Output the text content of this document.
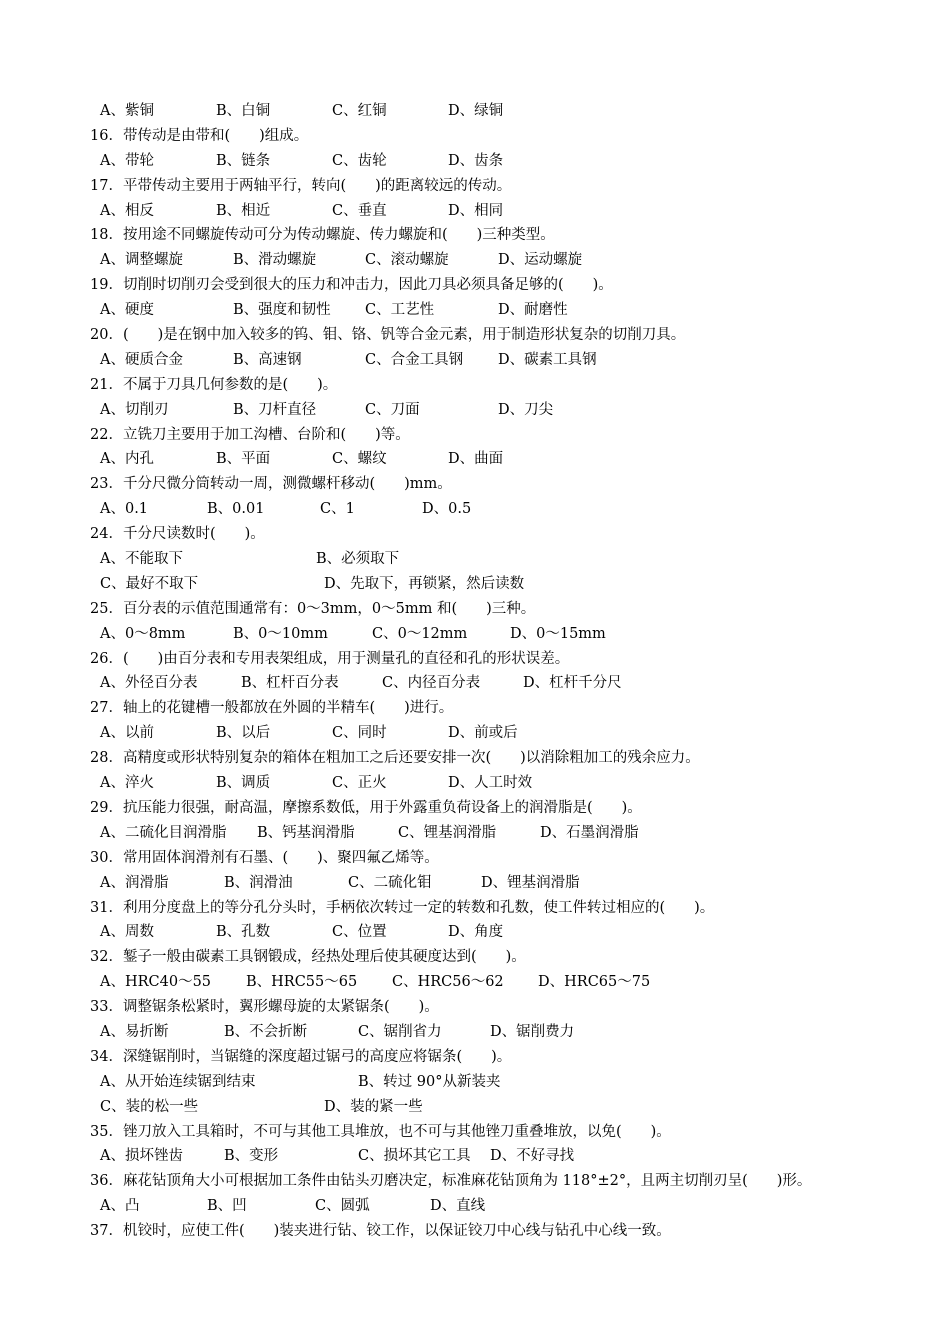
A、紫铜	B、白铜	C、红铜	D、绿铜
16．带传动是由带和(　　)组成。
A、带轮	B、链条	C、齿轮	D、齿条
17．平带传动主要用于两轴平行，转向(　　)的距离较远的传动。
A、相反	B、相近	C、垂直	D、相同
18．按用途不同螺旋传动可分为传动螺旋、传力螺旋和(　　)三种类型。
A、调整螺旋	B、滑动螺旋	C、滚动螺旋	D、运动螺旋
19．切削时切削刃会受到很大的压力和冲击力，因此刀具必须具备足够的(　　)。
A、硬度	B、强度和韧性 C、工艺性	D、耐磨性
20．(　　)是在钢中加入较多的钨、钼、铬、钒等合金元素，用于制造形状复杂的切削刀具。
A、硬质合金	B、高速钢	C、合金工具钢 D、碳素工具钢
21．不属于刀具几何参数的是(　　)。
A、切削刃	B、刀杆直径	C、刀面	D、刀尖
22．立铣刀主要用于加工沟槽、台阶和(　　)等。
A、内孔	B、平面	C、螺纹	D、曲面
23．千分尺微分筒转动一周，测微螺杆移动(　　)mm。
A、0.1	B、0.01	C、1	D、0.5
24．千分尺读数时(　　)。
A、不能取下	B、必须取下
C、最好不取下	D、先取下，再锁紧，然后读数
25．百分表的示值范围通常有：0～3mm，0～5mm 和(　　)三种。
A、0～8mm	B、0～10mm	C、0～12mm	D、0～15mm
26．(　　)由百分表和专用表架组成，用于测量孔的直径和孔的形状误差。
A、外径百分表	B、杠杆百分表	C、内径百分表	D、杠杆千分尺
27．轴上的花键槽一般都放在外圆的半精车(　　)进行。
A、以前	B、以后	C、同时	D、前或后
28．高精度或形状特别复杂的箱体在粗加工之后还要安排一次(　　)以消除粗加工的残余应力。
A、淬火	B、调质	C、正火	D、人工时效
29．抗压能力很强，耐高温，摩擦系数低，用于外露重负荷设备上的润滑脂是(　　)。
A、二硫化目润滑脂 B、钙基润滑脂	C、锂基润滑脂	D、石墨润滑脂
30．常用固体润滑剂有石墨、(　　)、聚四氟乙烯等。
A、润滑脂	B、润滑油	C、二硫化钼	D、锂基润滑脂
31．利用分度盘上的等分孔分头时，手柄依次转过一定的转数和孔数，使工件转过相应的(　　)。
A、周数	B、孔数	C、位置	D、角度
32．錾子一般由碳素工具钢锻成，经热处理后使其硬度达到(　　)。
A、HRC40～55 B、HRC55～65 C、HRC56～62 D、HRC65～75
33．调整锯条松紧时，翼形螺母旋的太紧锯条(　　)。
A、易折断	B、不会折断	C、锯削省力	D、锯削费力
34．深缝锯削时，当锯缝的深度超过锯弓的高度应将锯条(　　)。
A、从开始连续锯到结束	B、转过 90°从新装夹
C、装的松一些	D、装的紧一些
35．锉刀放入工具箱时，不可与其他工具堆放，也不可与其他锉刀重叠堆放，以免(　　)。
A、损坏锉齿	B、变形	C、损坏其它工具 D、不好寻找
36．麻花钻顶角大小可根据加工条件由钻头刃磨决定，标准麻花钻顶角为 118°±2°，且两主切削刃呈(　　)形。
A、凸	B、凹	C、圆弧	D、直线
37．机铰时，应使工件(　　)装夹进行钻、铰工作，以保证铰刀中心线与钻孔中心线一致。
